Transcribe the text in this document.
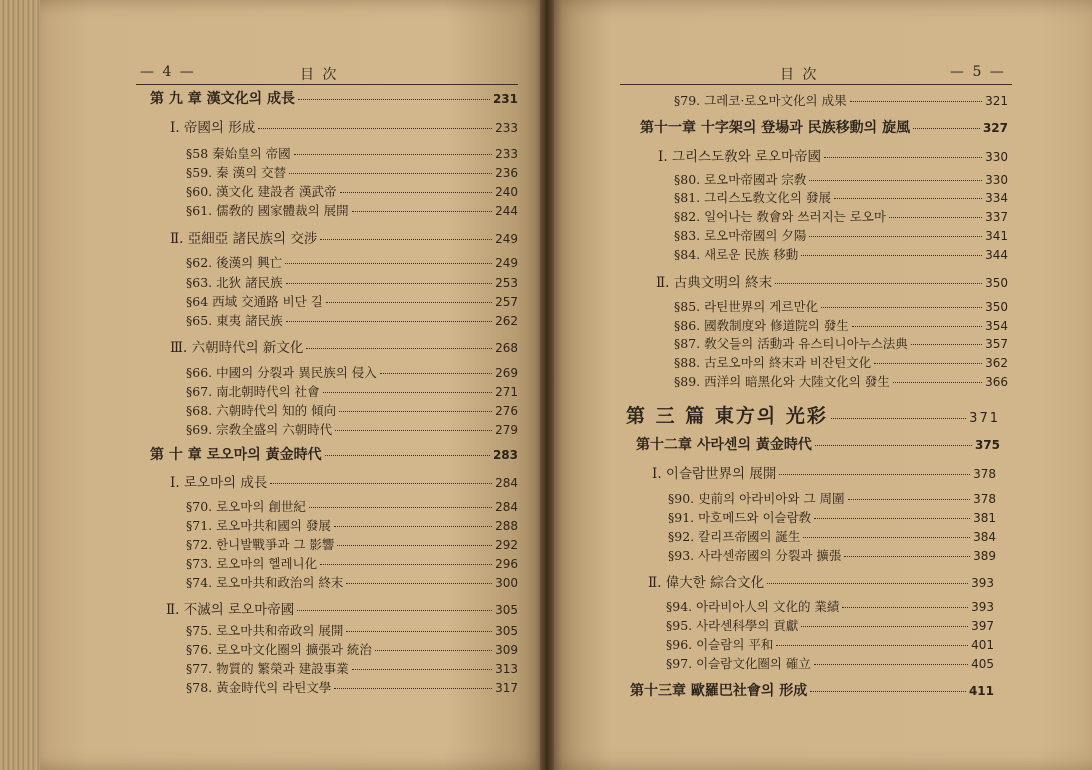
— 4 —	目 次	目 次	— 5 —
第 九 章 漢文化의 成長	231
Ⅰ. 帝國의 形成	233
§58 秦始皇의 帝國	233
§59. 秦 漢의 交替	236
§60. 漢文化 建設者 漢武帝	240
§61. 儒敎的 國家體裁의 展開	244
Ⅱ. 亞細亞 諸民族의 交涉	249
§62. 後漢의 興亡	249
§63. 北狄 諸民族	253
§64 西域 交通路 비단 길	257
§65. 東夷 諸民族	262
Ⅲ. 六朝時代의 新文化	268
§66. 中國의 分裂과 異民族의 侵入	269
§67. 南北朝時代의 社會	271
§68. 六朝時代의 知的 傾向	276
§69. 宗敎全盛의 六朝時代	279
第 十 章 로오마의 黃金時代	283
Ⅰ. 로오마의 成長	284
§70. 로오마의 創世紀	284
§71. 로오마共和國의 發展	288
§72. 한니발戰爭과 그 影響	292
§73. 로오마의 헬레니化	296
§74. 로오마共和政治의 終末	300
Ⅱ. 不滅의 로오마帝國	305
§75. 로오마共和帝政의 展開	305
§76. 로오마文化圈의 擴張과 統治	309
§77. 物質的 繁榮과 建設事業	313
§78. 黃金時代의 라틴文學	317
§79. 그레코·로오마文化의 成果	321
第十一章 十字架의 登場과 民族移動의 旋風	327
Ⅰ. 그리스도敎와 로오마帝國	330
§80. 로오마帝國과 宗敎	330
§81. 그리스도敎文化의 發展	334
§82. 일어나는 敎會와 쓰러지는 로오마	337
§83. 로오마帝國의 夕陽	341
§84. 새로운 民族 移動	344
Ⅱ. 古典文明의 終末	350
§85. 라틴世界의 게르만化	350
§86. 國敎制度와 修道院의 發生	354
§87. 敎父들의 活動과 유스티니아누스法典	357
§88. 古로오마의 終末과 비잔틴文化	362
§89. 西洋의 暗黑化와 大陸文化의 發生	366
第 三 篇 東方의 光彩	371
第十二章 사라센의 黃金時代	375
Ⅰ. 이슬람世界의 展開	378
§90. 史前의 아라비아와 그 周圍	378
§91. 마호메드와 이슬람敎	381
§92. 칼리프帝國의 誕生	384
§93. 사라센帝國의 分裂과 擴張	389
Ⅱ. 偉大한 綜合文化	393
§94. 아라비아人의 文化的 業績	393
§95. 사라센科學의 貢獻	397
§96. 이슬람의 平和	401
§97. 이슬람文化圈의 確立	405
第十三章 歐羅巴社會의 形成	411
